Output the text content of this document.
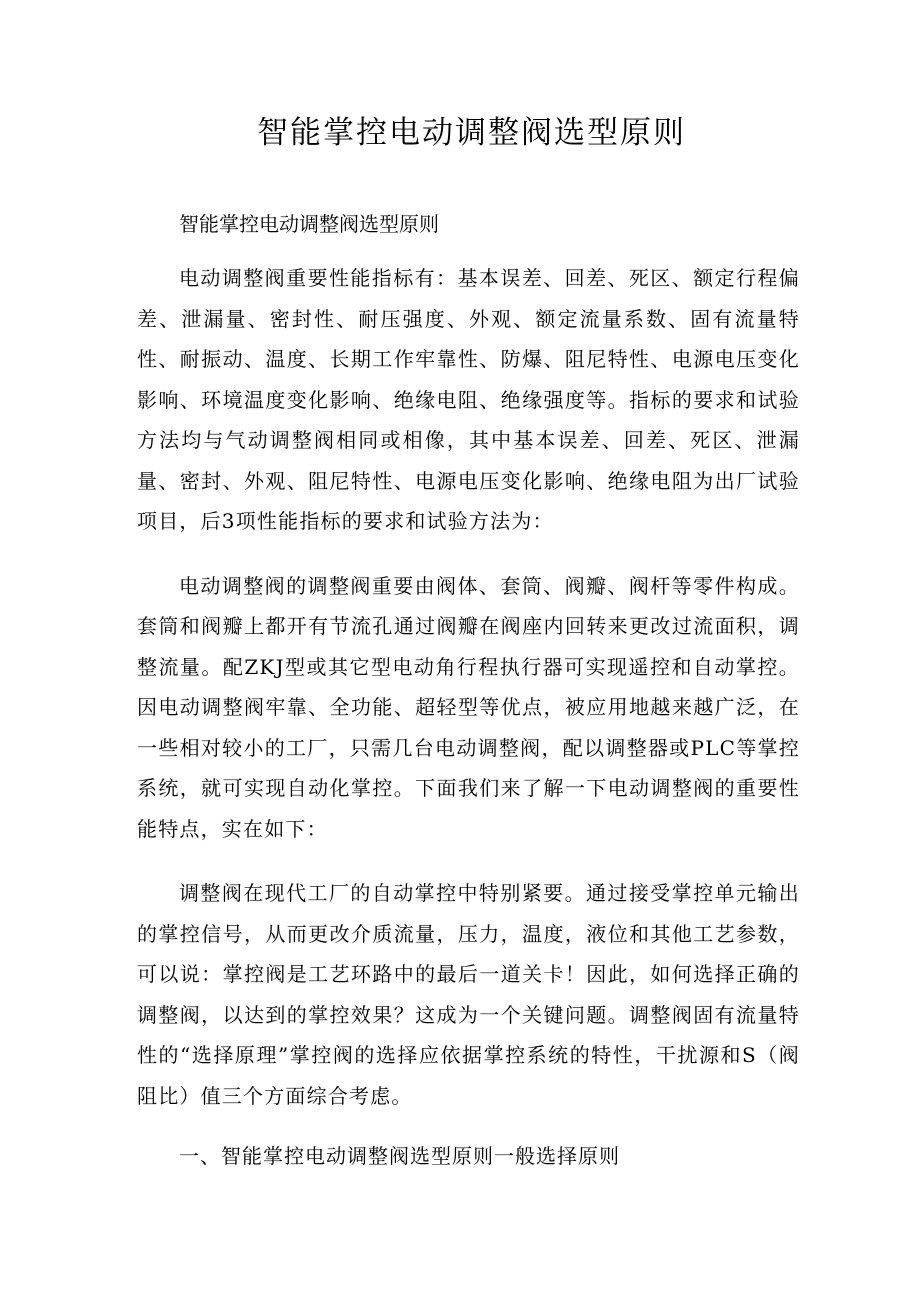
智能掌控电动调整阀选型原则

智能掌控电动调整阀选型原则

电动调整阀重要性能指标有：基本误差、回差、死区、额定行程偏差、泄漏量、密封性、耐压强度、外观、额定流量系数、固有流量特性、耐振动、温度、长期工作牢靠性、防爆、阻尼特性、电源电压变化影响、环境温度变化影响、绝缘电阻、绝缘强度等。指标的要求和试验方法均与气动调整阀相同或相像，其中基本误差、回差、死区、泄漏量、密封、外观、阻尼特性、电源电压变化影响、绝缘电阻为出厂试验项目，后3项性能指标的要求和试验方法为：

电动调整阀的调整阀重要由阀体、套筒、阀瓣、阀杆等零件构成。套筒和阀瓣上都开有节流孔通过阀瓣在阀座内回转来更改过流面积，调整流量。配ZKJ型或其它型电动角行程执行器可实现遥控和自动掌控。因电动调整阀牢靠、全功能、超轻型等优点，被应用地越来越广泛，在一些相对较小的工厂，只需几台电动调整阀，配以调整器或PLC等掌控系统，就可实现自动化掌控。下面我们来了解一下电动调整阀的重要性能特点，实在如下：

调整阀在现代工厂的自动掌控中特别紧要。通过接受掌控单元输出的掌控信号，从而更改介质流量，压力，温度，液位和其他工艺参数，可以说：掌控阀是工艺环路中的最后一道关卡！因此，如何选择正确的调整阀，以达到的掌控效果？这成为一个关键问题。调整阀固有流量特性的“选择原理”掌控阀的选择应依据掌控系统的特性，干扰源和S（阀阻比）值三个方面综合考虑。

一、智能掌控电动调整阀选型原则一般选择原则
